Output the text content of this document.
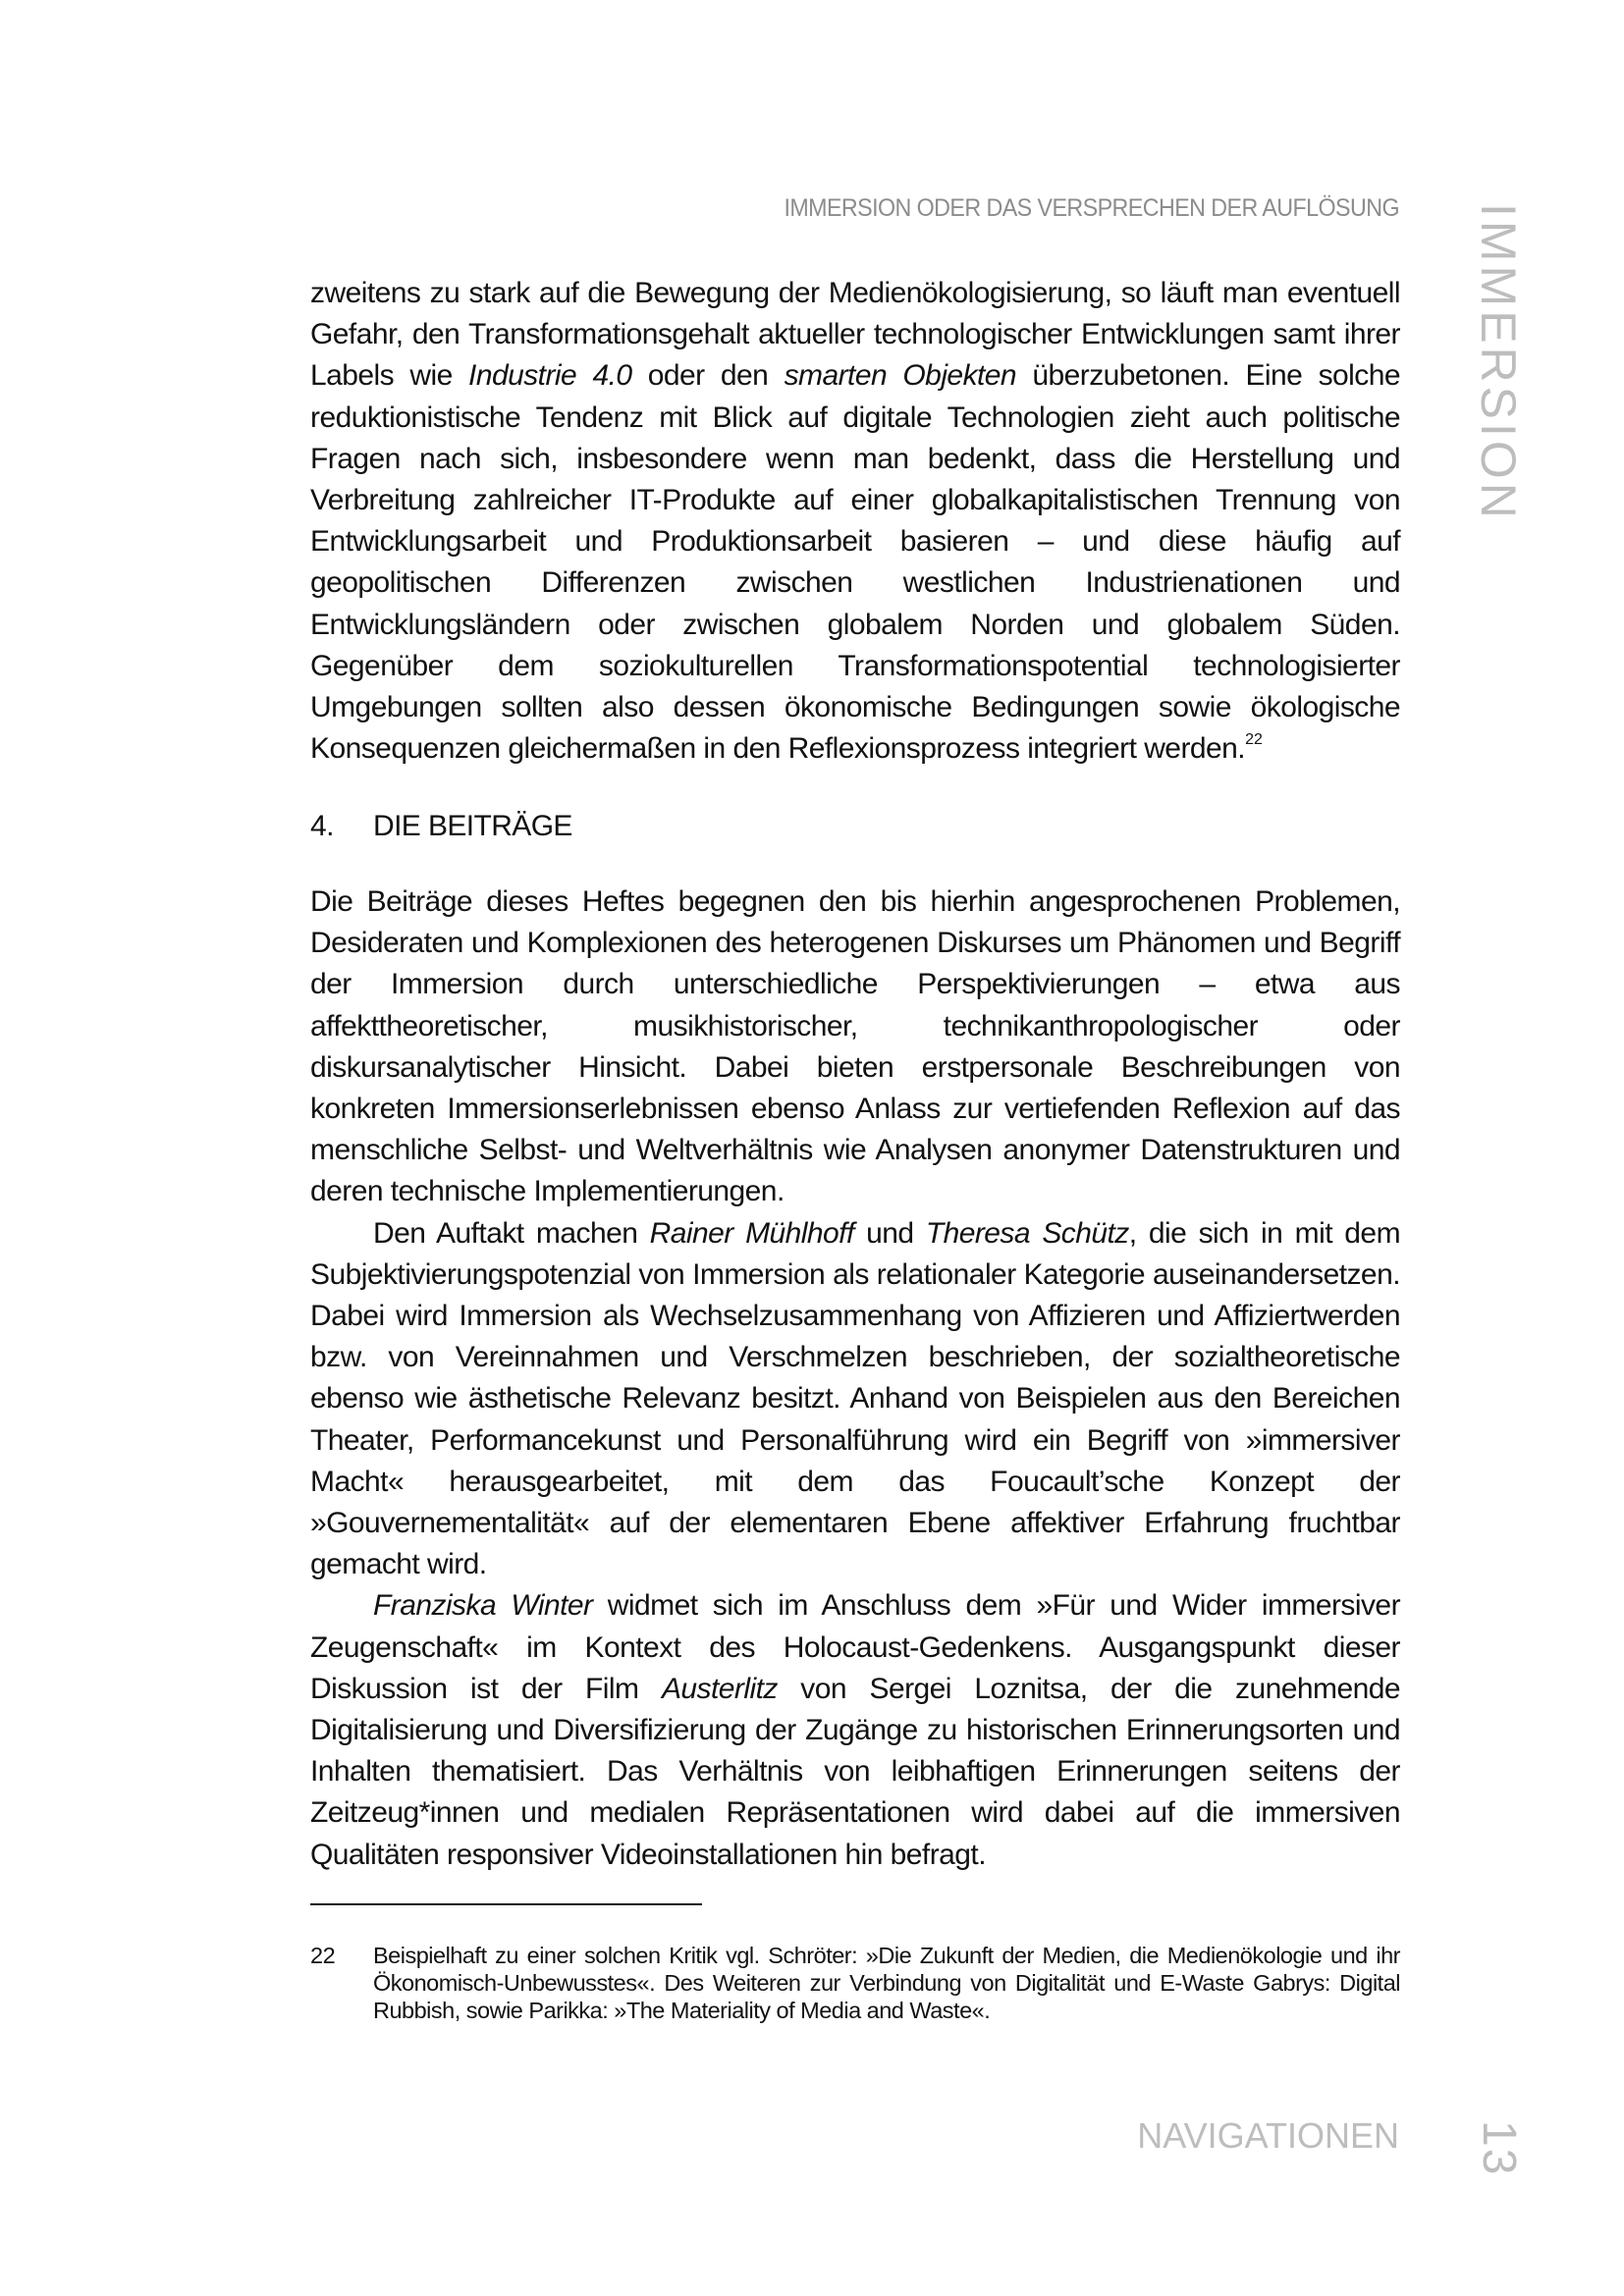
IMMERSION ODER DAS VERSPRECHEN DER AUFLÖSUNG IMMERSION

zweitens zu stark auf die Bewegung der Medienökologisierung, so läuft man eventuell Gefahr, den Transformationsgehalt aktueller technologischer Entwicklungen samt ihrer Labels wie Industrie 4.0 oder den smarten Objekten überzubetonen. Eine solche reduktionistische Tendenz mit Blick auf digitale Technologien zieht auch politische Fragen nach sich, insbesondere wenn man bedenkt, dass die Herstellung und Verbreitung zahlreicher IT-Produkte auf einer globalkapitalistischen Trennung von Entwicklungsarbeit und Produktionsarbeit basieren – und diese häufig auf geopolitischen Differenzen zwischen westlichen Industrienationen und Entwicklungsländern oder zwischen globalem Norden und globalem Süden. Gegenüber dem soziokulturellen Transformationspotential technologisierter Umgebungen sollten also dessen ökonomische Bedingungen sowie ökologische Konsequenzen gleichermaßen in den Reflexionsprozess integriert werden.$^{22}$

4. DIE BEITRÄGE

Die Beiträge dieses Heftes begegnen den bis hierhin angesprochenen Problemen, Desideraten und Komplexionen des heterogenen Diskurses um Phänomen und Begriff der Immersion durch unterschiedliche Perspektivierungen – etwa aus affekttheoretischer, musikhistorischer, technikanthropologischer oder diskursanalytischer Hinsicht. Dabei bieten erstpersonale Beschreibungen von konkreten Immersionserlebnissen ebenso Anlass zur vertiefenden Reflexion auf das menschliche Selbst- und Weltverhältnis wie Analysen anonymer Datenstrukturen und deren technische Implementierungen.

Den Auftakt machen Rainer Mühlhoff und Theresa Schütz, die sich in mit dem Subjektivierungspotenzial von Immersion als relationaler Kategorie auseinandersetzen. Dabei wird Immersion als Wechselzusammenhang von Affizieren und Affiziertwerden bzw. von Vereinnahmen und Verschmelzen beschrieben, der sozialtheoretische ebenso wie ästhetische Relevanz besitzt. Anhand von Beispielen aus den Bereichen Theater, Performancekunst und Personalführung wird ein Begriff von »immersiver Macht« herausgearbeitet, mit dem das Foucault’sche Konzept der »Gouvernementalität« auf der elementaren Ebene affektiver Erfahrung fruchtbar gemacht wird.

Franziska Winter widmet sich im Anschluss dem »Für und Wider immersiver Zeugenschaft« im Kontext des Holocaust-Gedenkens. Ausgangspunkt dieser Diskussion ist der Film Austerlitz von Sergei Loznitsa, der die zunehmende Digitalisierung und Diversifizierung der Zugänge zu historischen Erinnerungsorten und Inhalten thematisiert. Das Verhältnis von leibhaftigen Erinnerungen seitens der Zeitzeug*innen und medialen Repräsentationen wird dabei auf die immersiven Qualitäten responsiver Videoinstallationen hin befragt.

22	Beispielhaft zu einer solchen Kritik vgl. Schröter: »Die Zukunft der Medien, die Medienökologie und ihr Ökonomisch-Unbewusstes«. Des Weiteren zur Verbindung von Digitalität und E-Waste Gabrys: Digital Rubbish, sowie Parikka: »The Materiality of Media and Waste«.
NAVIGATIONEN 13
